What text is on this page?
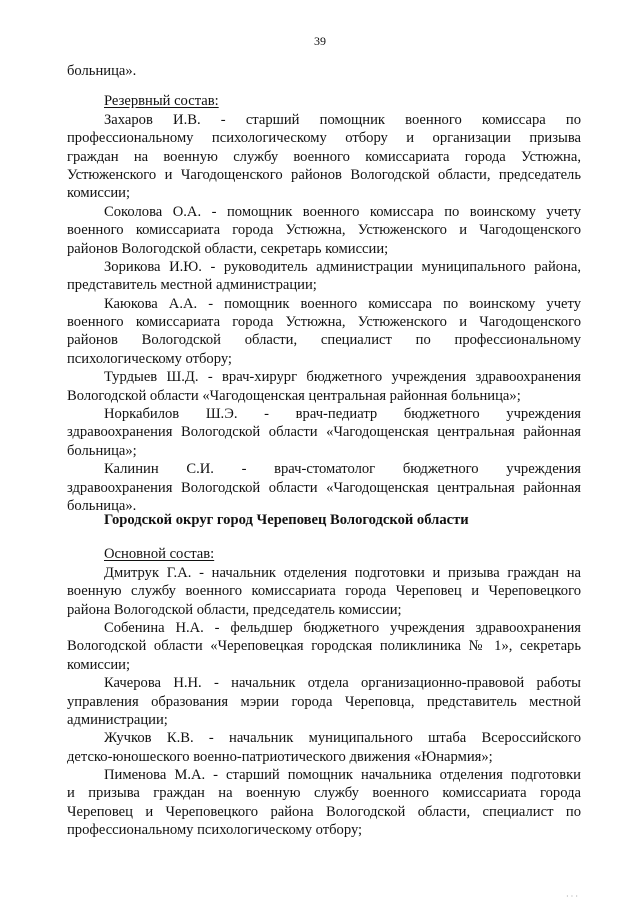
39
больница».
Резервный состав:
Захаров И.В. - старший помощник военного комиссара по
профессиональному психологическому отбору и организации призыва
граждан на военную службу военного комиссариата города Устюжна,
Устюженского и Чагодощенского районов Вологодской области, председатель
комиссии;
Соколова О.А. - помощник военного комиссара по воинскому учету
военного комиссариата города Устюжна, Устюженского и Чагодощенского
районов Вологодской области, секретарь комиссии;
Зорикова И.Ю. - руководитель администрации муниципального района,
представитель местной администрации;
Каюкова А.А. - помощник военного комиссара по воинскому учету
военного комиссариата города Устюжна, Устюженского и Чагодощенского
районов Вологодской области, специалист по профессиональному
психологическому отбору;
Турдыев Ш.Д. - врач-хирург бюджетного учреждения здравоохранения
Вологодской области «Чагодощенская центральная районная больница»;
Норкабилов Ш.Э. - врач-педиатр бюджетного учреждения
здравоохранения Вологодской области «Чагодощенская центральная районная
больница»;
Калинин С.И. - врач-стоматолог бюджетного учреждения
здравоохранения Вологодской области «Чагодощенская центральная районная
больница».
Городской округ город Череповец Вологодской области
Основной состав:
Дмитрук Г.А. - начальник отделения подготовки и призыва граждан на
военную службу военного комиссариата города Череповец и Череповецкого
района Вологодской области, председатель комиссии;
Собенина Н.А. - фельдшер бюджетного учреждения здравоохранения
Вологодской области «Череповецкая городская поликлиника № 1», секретарь
комиссии;
Качерова Н.Н. - начальник отдела организационно-правовой работы
управления образования мэрии города Череповца, представитель местной
администрации;
Жучков К.В. - начальник муниципального штаба Всероссийского
детско-юношеского военно-патриотического движения «Юнармия»;
Пименова М.А. - старший помощник начальника отделения подготовки
и призыва граждан на военную службу военного комиссариата города
Череповец и Череповецкого района Вологодской области, специалист по
профессиональному психологическому отбору;
· · ·
